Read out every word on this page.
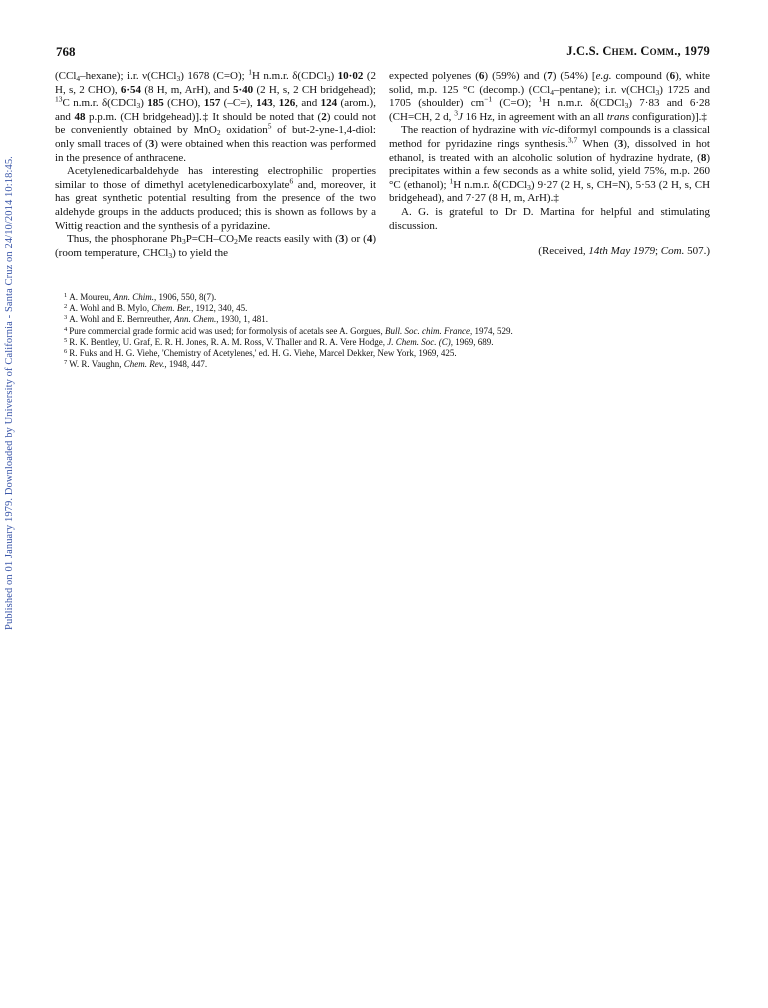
Published on 01 January 1979. Downloaded by University of California - Santa Cruz on 24/10/2014 10:18:45.
768	J.C.S. Chem. Comm., 1979

(CCl$_4$–hexane); i.r. ν(CHCl$_3$) 1678 (C=O); $^1$H n.m.r. δ(CDCl$_3$) 10·02 (2 H, s, 2 CHO), 6·54 (8 H, m, ArH), and 5·40 (2 H, s, 2 CH bridgehead); $^{13}$C n.m.r. δ(CDCl$_3$) 185 (CHO), 157 (–C=), 143, 126, and 124 (arom.), and 48 p.p.m. (CH bridgehead)].‡ It should be noted that (2) could not be conveniently obtained by MnO$_2$ oxidation$^5$ of but-2-yne-1,4-diol: only small traces of (3) were obtained when this reaction was performed in the presence of anthracene.

Acetylenedicarbaldehyde has interesting electrophilic properties similar to those of dimethyl acetylenedicarboxylate$^6$ and, moreover, it has great synthetic potential resulting from the presence of the two aldehyde groups in the adducts produced; this is shown as follows by a Wittig reaction and the synthesis of a pyridazine.

Thus, the phosphorane $Ph_3P=CH-CO_2Me$ reacts easily with (3) or (4) (room temperature, CHCl$_3$) to yield the

expected polyenes (6) (59%) and (7) (54%) [e.g. compound (6), white solid, m.p. 125 °C (decomp.) (CCl$_4$–pentane); i.r. ν(CHCl$_3$) 1725 and 1705 (shoulder) $cm^{-1}$ (C=O); $^1$H n.m.r. δ(CDCl$_3$) 7·83 and 6·28 (CH=CH, 2 d, $^3$J 16 Hz, in agreement with an all trans configuration)].‡

The reaction of hydrazine with vic-diformyl compounds is a classical method for pyridazine rings synthesis.$^{3,7}$ When (3), dissolved in hot ethanol, is treated with an alcoholic solution of hydrazine hydrate, (8) precipitates within a few seconds as a white solid, yield 75%, m.p. 260 °C (ethanol); $^1$H n.m.r. δ(CDCl$_3$) 9·27 (2 H, s, CH=N), 5·53 (2 H, s, CH bridgehead), and 7·27 (8 H, m, ArH).‡

A. G. is grateful to Dr D. Martina for helpful and stimulating discussion.

(Received, 14th May 1979; Com. 507.)

$^1$ A. Moureu, Ann. Chim., 1906, 550, 8(7).
$^2$ A. Wohl and B. Mylo, Chem. Ber., 1912, 340, 45.
$^3$ A. Wohl and E. Bernreuther, Ann. Chem., 1930, 1, 481.
$^4$ Pure commercial grade formic acid was used; for formolysis of acetals see A. Gorgues, Bull. Soc. chim. France, 1974, 529.
$^5$ R. K. Bentley, U. Graf, E. R. H. Jones, R. A. M. Ross, V. Thaller and R. A. Vere Hodge, J. Chem. Soc. (C), 1969, 689.
$^6$ R. Fuks and H. G. Viehe, 'Chemistry of Acetylenes,' ed. H. G. Viehe, Marcel Dekker, New York, 1969, 425.
$^7$ W. R. Vaughn, Chem. Rev., 1948, 447.
